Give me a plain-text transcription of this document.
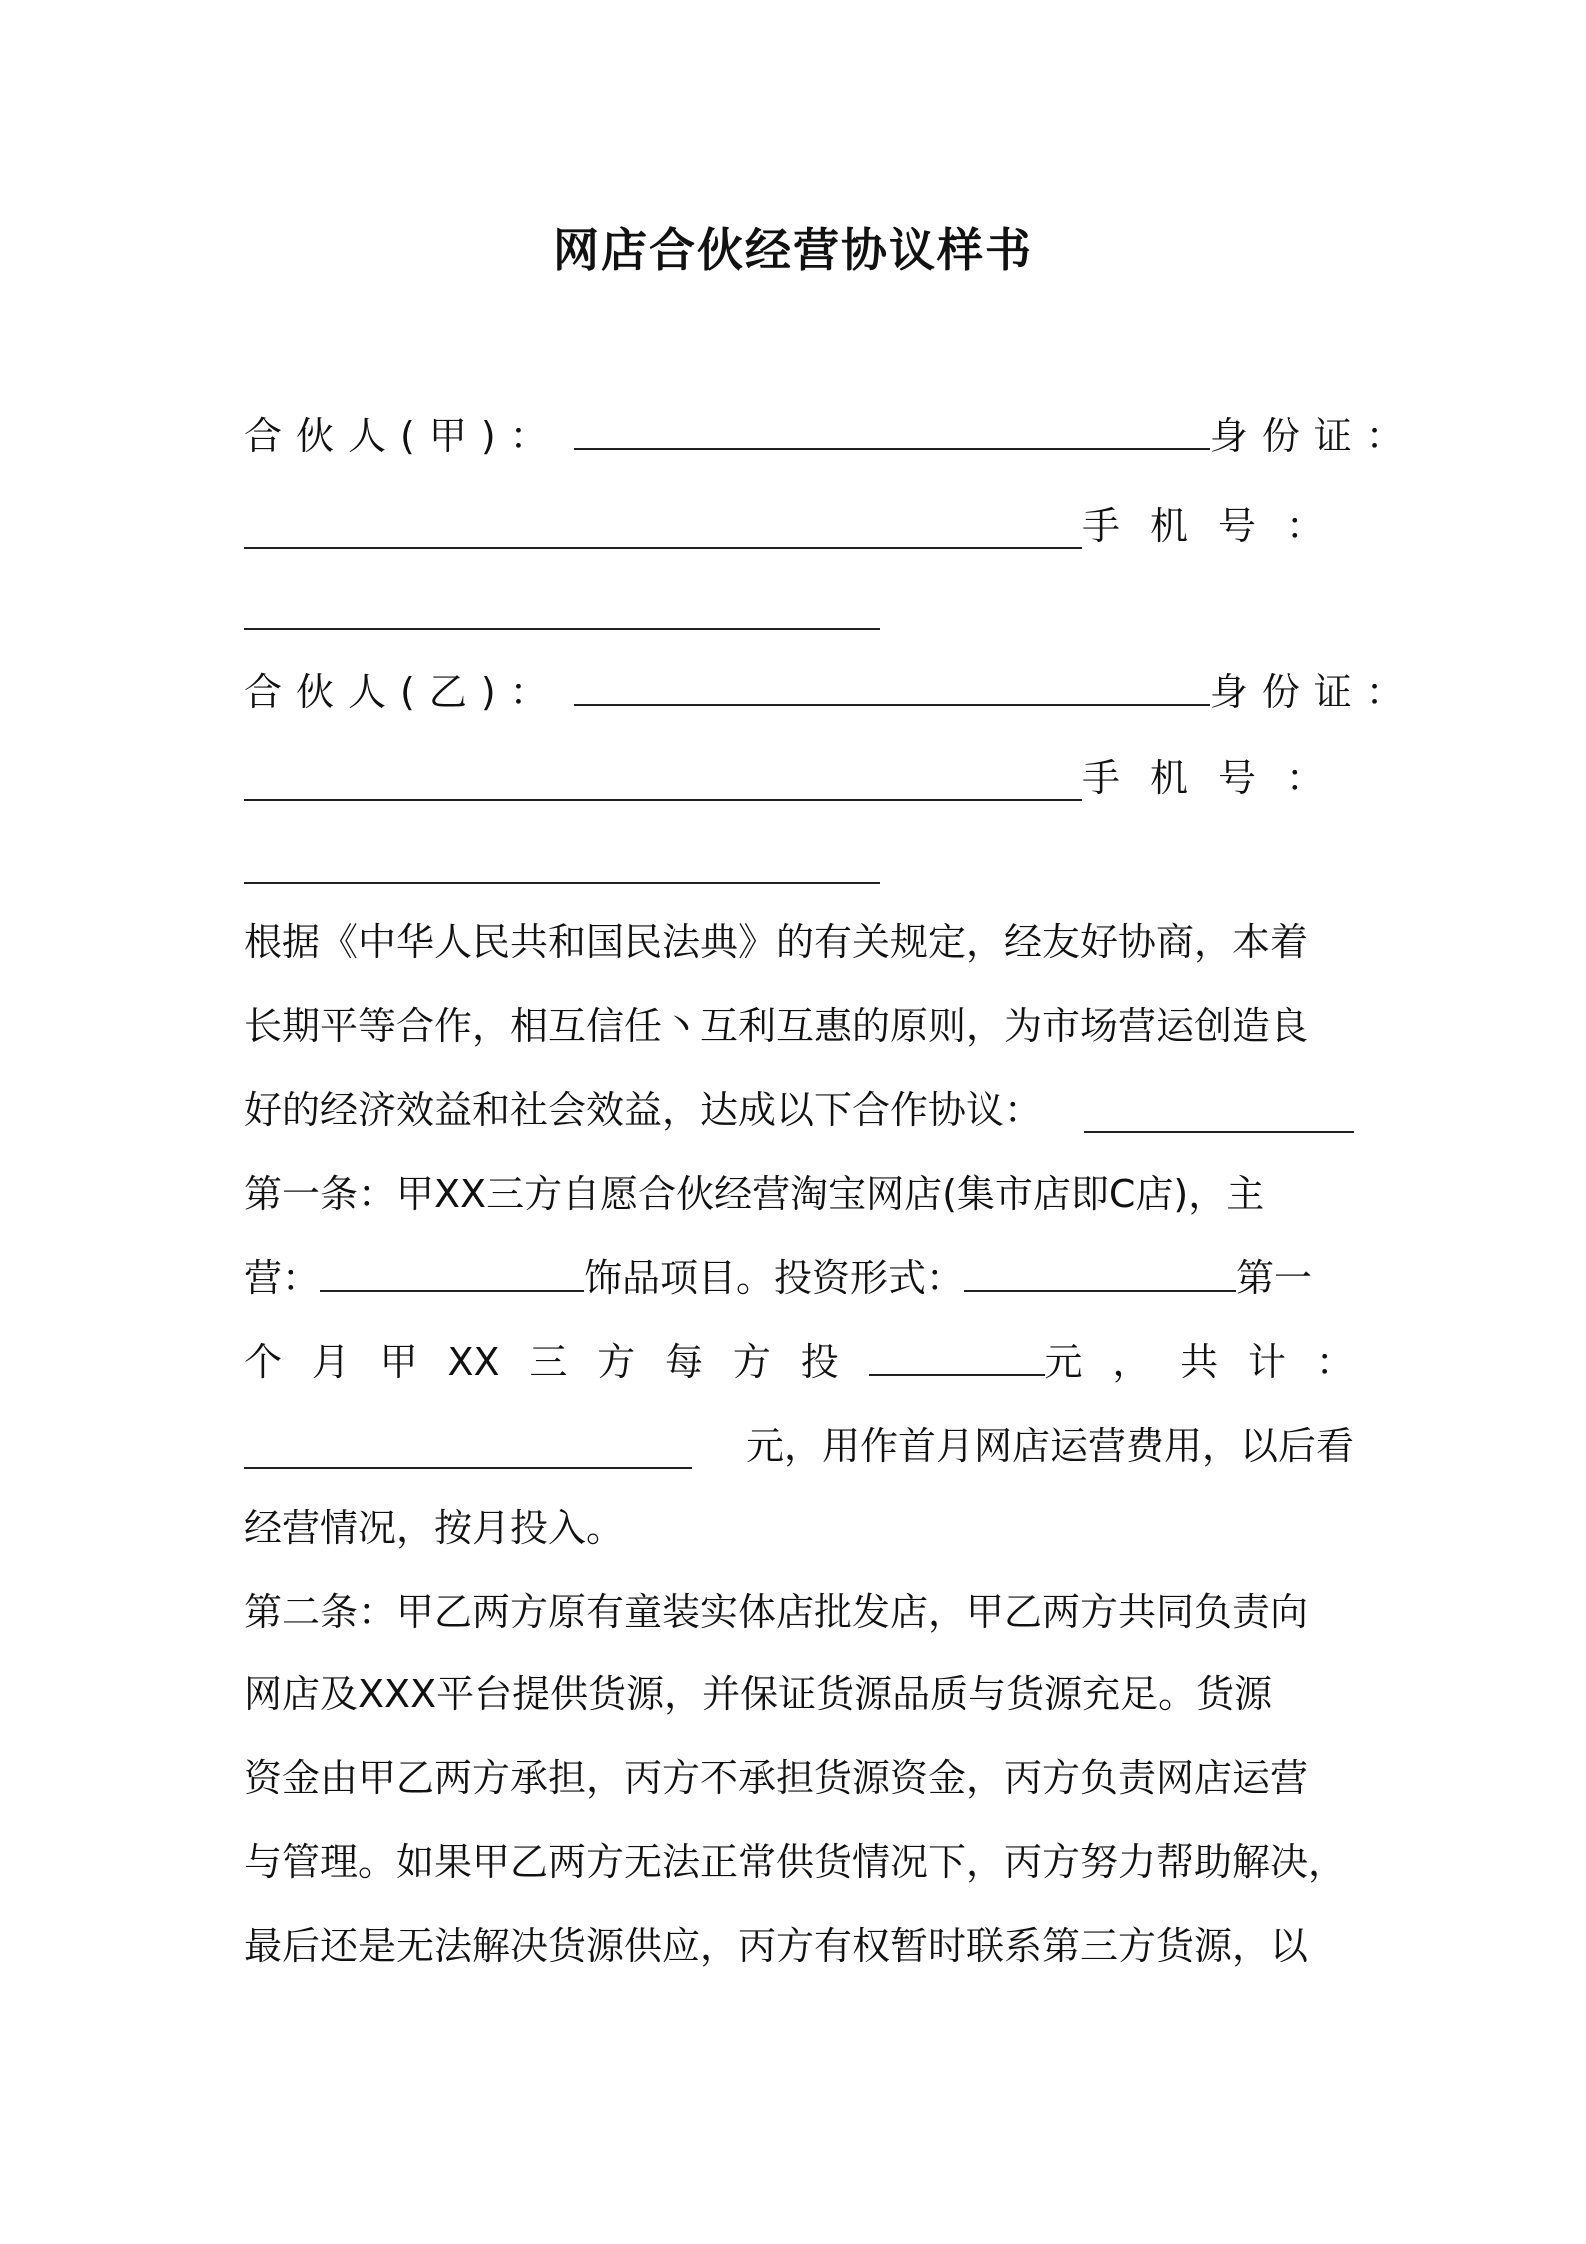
网店合伙经营协议样书
合伙人(甲)：	身份证：
手机号：
合伙人(乙)：	身份证：
手机号：
根据《中华人民共和国民法典》的有关规定，经友好协商，本着
长期平等合作，相互信任丶互利互惠的原则，为市场营运创造良
好的经济效益和社会效益，达成以下合作协议：
第一条：甲XX三方自愿合伙经营淘宝网店(集市店即C店)，主
营：	饰品项目。投资形式：	第一
个 月 甲 XX 三 方 每 方 投	元 ， 共 计 ：
元，用作首月网店运营费用，以后看
经营情况，按月投入。
第二条：甲乙两方原有童装实体店批发店，甲乙两方共同负责向
网店及XXX平台提供货源，并保证货源品质与货源充足。货源
资金由甲乙两方承担，丙方不承担货源资金，丙方负责网店运营
与管理。如果甲乙两方无法正常供货情况下，丙方努力帮助解决，
最后还是无法解决货源供应，丙方有权暂时联系第三方货源，以
